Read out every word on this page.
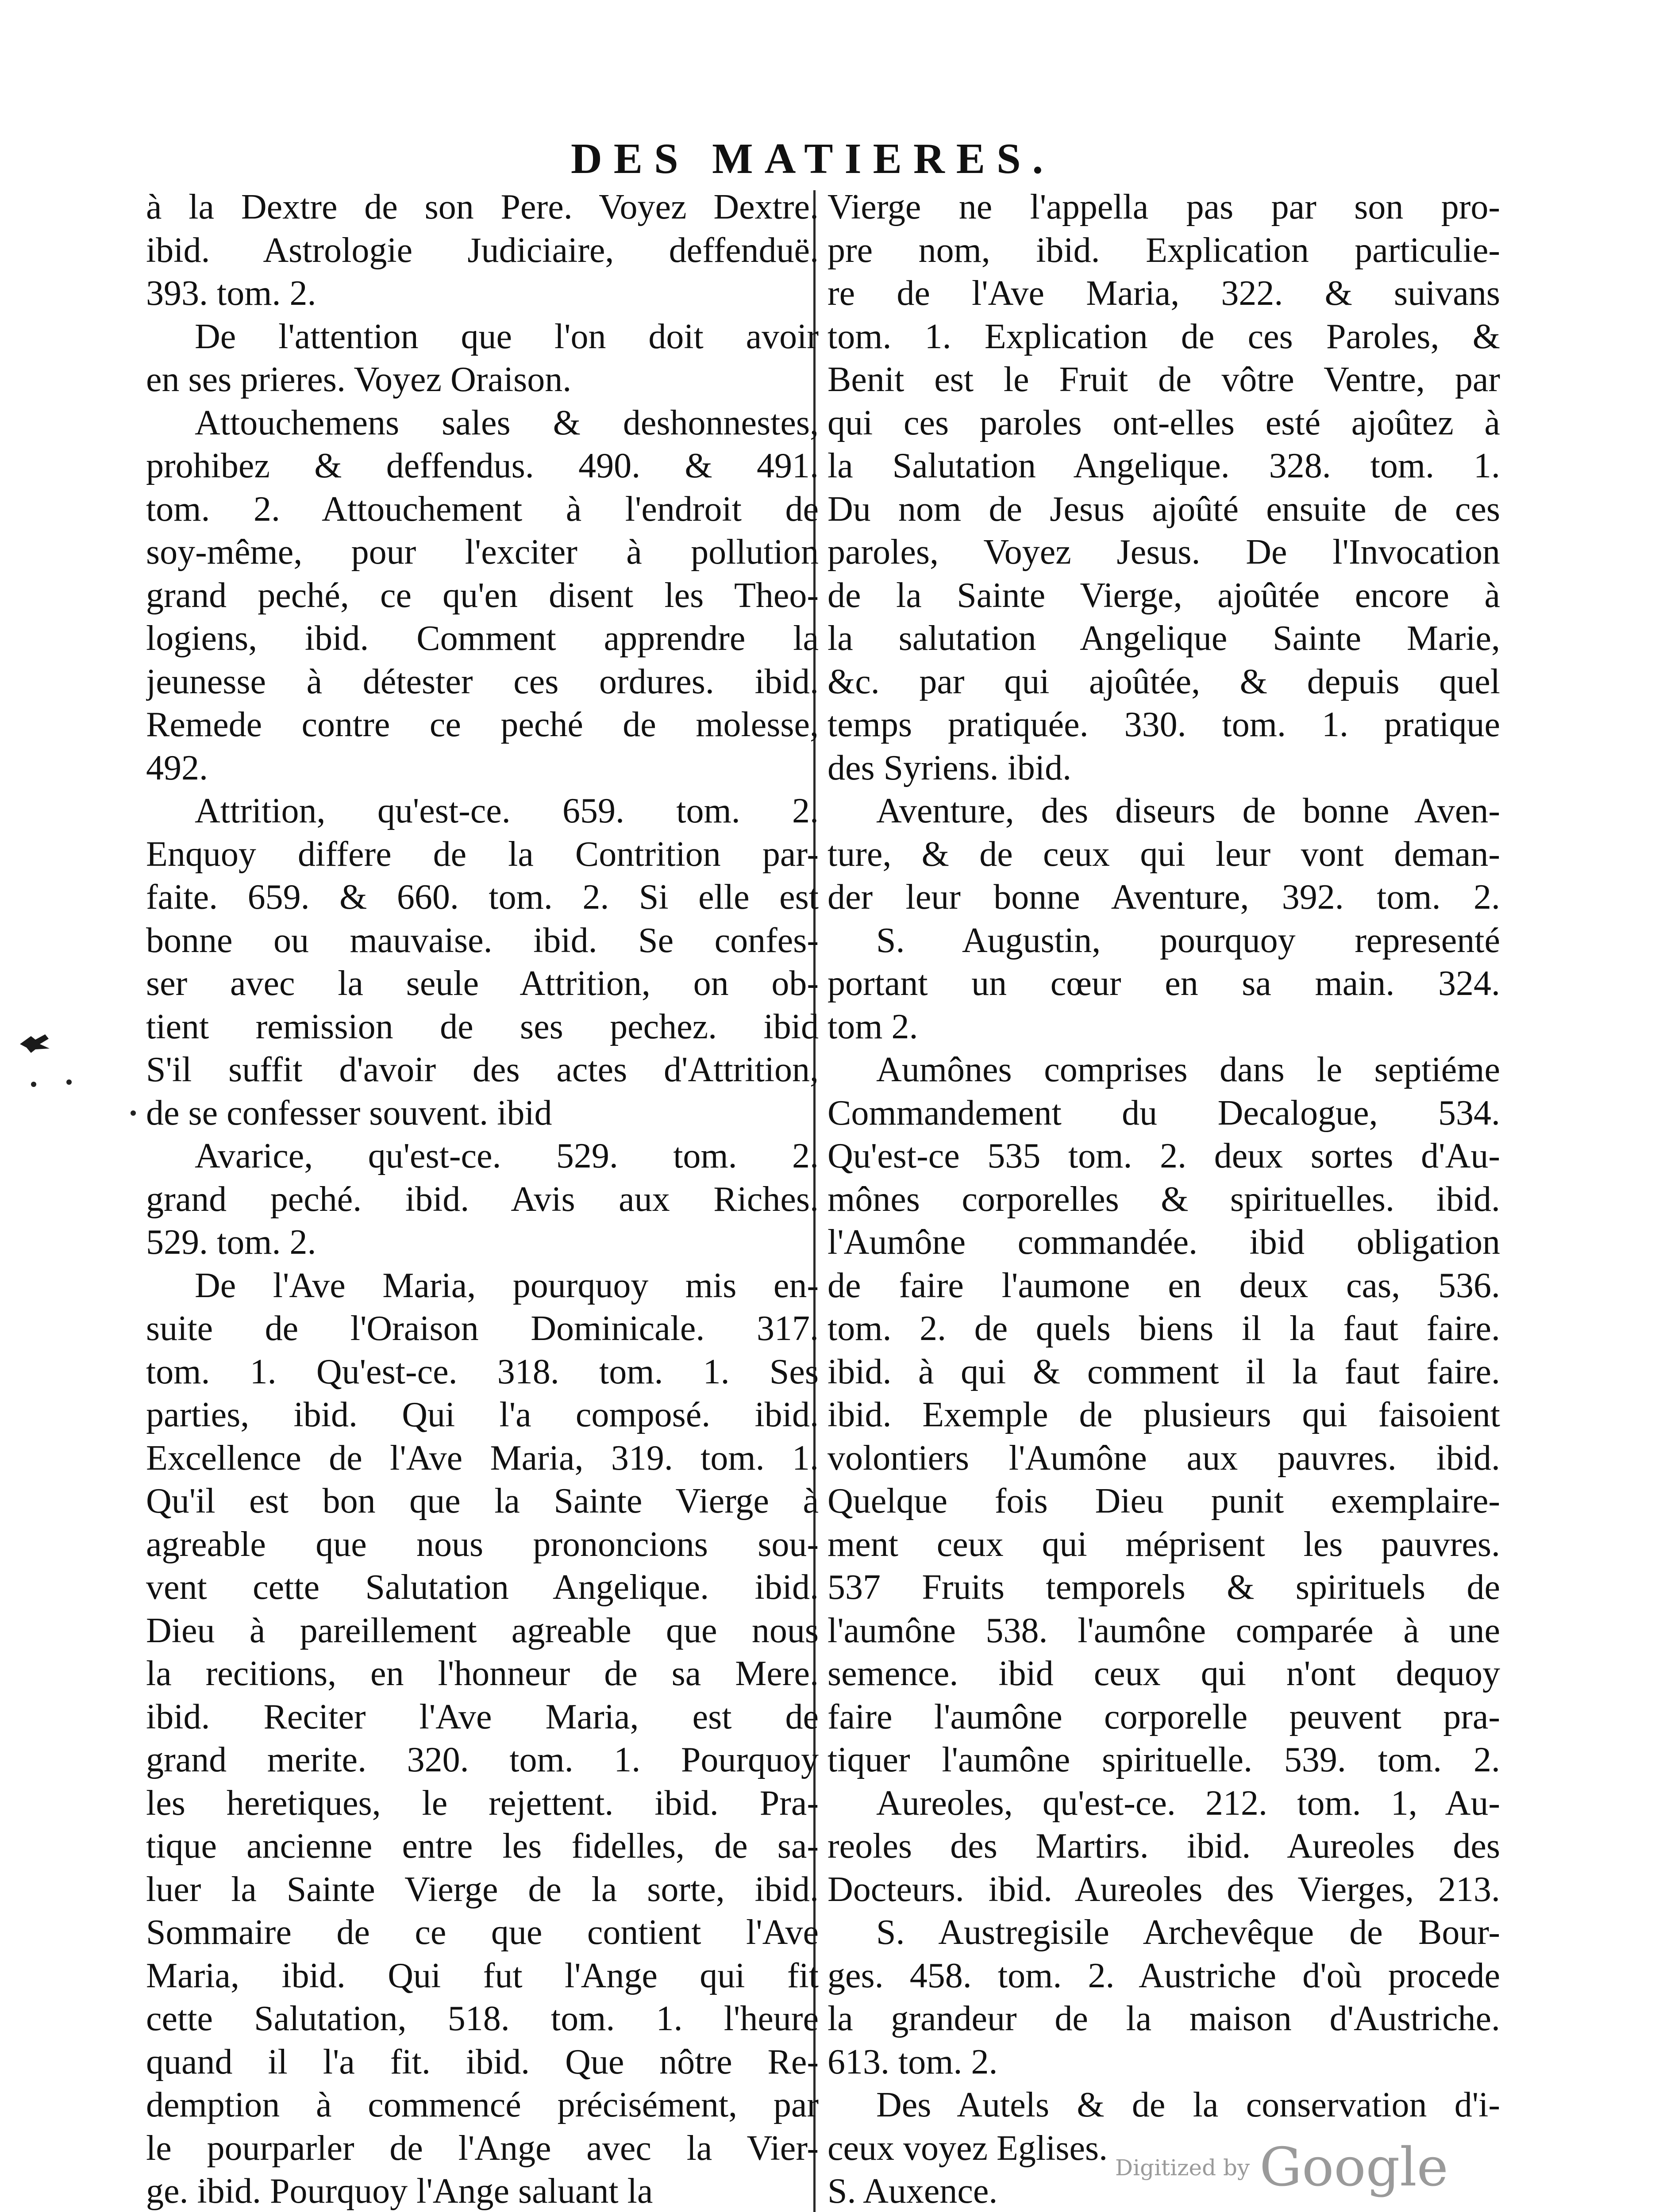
DES MATIERES.
à la Dextre de son Pere. Voyez Dextre.
ibid. Astrologie Judiciaire, deffenduë.
393. tom. 2.
De l'attention que l'on doit avoir
en ses prieres. Voyez Oraison.
Attouchemens sales & deshonnestes,
prohibez & deffendus. 490. & 491.
tom. 2. Attouchement à l'endroit de
soy-même, pour l'exciter à pollution
grand peché, ce qu'en disent les Theo-
logiens, ibid. Comment apprendre la
jeunesse à détester ces ordures. ibid.
Remede contre ce peché de molesse,
492.
Attrition, qu'est-ce. 659. tom. 2.
Enquoy differe de la Contrition par-
faite. 659. & 660. tom. 2. Si elle est
bonne ou mauvaise. ibid. Se confes-
ser avec la seule Attrition, on ob-
tient remission de ses pechez. ibid
S'il suffit d'avoir des actes d'Attrition,
de se confesser souvent. ibid
Avarice, qu'est-ce. 529. tom. 2.
grand peché. ibid. Avis aux Riches.
529. tom. 2.
De l'Ave Maria, pourquoy mis en-
suite de l'Oraison Dominicale. 317.
tom. 1. Qu'est-ce. 318. tom. 1. Ses
parties, ibid. Qui l'a composé. ibid.
Excellence de l'Ave Maria, 319. tom. 1.
Qu'il est bon que la Sainte Vierge à
agreable que nous prononcions sou-
vent cette Salutation Angelique. ibid.
Dieu à pareillement agreable que nous
la recitions, en l'honneur de sa Mere.
ibid. Reciter l'Ave Maria, est de
grand merite. 320. tom. 1. Pourquoy
les heretiques, le rejettent. ibid. Pra-
tique ancienne entre les fidelles, de sa-
luer la Sainte Vierge de la sorte, ibid.
Sommaire de ce que contient l'Ave
Maria, ibid. Qui fut l'Ange qui fit
cette Salutation, 518. tom. 1. l'heure
quand il l'a fit. ibid. Que nôtre Re-
demption à commencé précisément, par
le pourparler de l'Ange avec la Vier-
ge. ibid. Pourquoy l'Ange saluant la
Vierge ne l'appella pas par son pro-
pre nom, ibid. Explication particulie-
re de l'Ave Maria, 322. & suivans
tom. 1. Explication de ces Paroles, &
Benit est le Fruit de vôtre Ventre, par
qui ces paroles ont-elles esté ajoûtez à
la Salutation Angelique. 328. tom. 1.
Du nom de Jesus ajoûté ensuite de ces
paroles, Voyez Jesus. De l'Invocation
de la Sainte Vierge, ajoûtée encore à
la salutation Angelique Sainte Marie,
&c. par qui ajoûtée, & depuis quel
temps pratiquée. 330. tom. 1. pratique
des Syriens. ibid.
Aventure, des diseurs de bonne Aven-
ture, & de ceux qui leur vont deman-
der leur bonne Aventure, 392. tom. 2.
S. Augustin, pourquoy representé
portant un cœur en sa main. 324.
tom 2.
Aumônes comprises dans le septiéme
Commandement du Decalogue, 534.
Qu'est-ce 535 tom. 2. deux sortes d'Au-
mônes corporelles & spirituelles. ibid.
l'Aumône commandée. ibid obligation
de faire l'aumone en deux cas, 536.
tom. 2. de quels biens il la faut faire.
ibid. à qui & comment il la faut faire.
ibid. Exemple de plusieurs qui faisoient
volontiers l'Aumône aux pauvres. ibid.
Quelque fois Dieu punit exemplaire-
ment ceux qui méprisent les pauvres.
537 Fruits temporels & spirituels de
l'aumône 538. l'aumône comparée à une
semence. ibid ceux qui n'ont dequoy
faire l'aumône corporelle peuvent pra-
tiquer l'aumône spirituelle. 539. tom. 2.
Aureoles, qu'est-ce. 212. tom. 1, Au-
reoles des Martirs. ibid. Aureoles des
Docteurs. ibid. Aureoles des Vierges, 213.
S. Austregisile Archevêque de Bour-
ges. 458. tom. 2. Austriche d'où procede
la grandeur de la maison d'Austriche.
613. tom. 2.
Des Autels & de la conservation d'i-
ceux voyez Eglises.
S. Auxence.
Digitized by Google
